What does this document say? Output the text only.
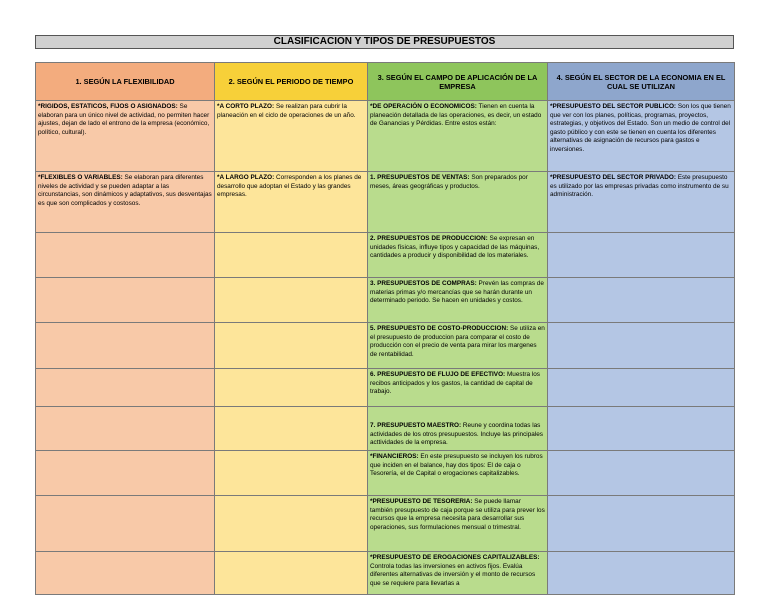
CLASIFICACION Y TIPOS DE PRESUPUESTOS
1. SEGÚN LA FLEXIBILIDAD	2. SEGÚN EL PERIODO DE TIEMPO	3. SEGÚN EL CAMPO DE APLICACIÓN DE LA EMPRESA	4. SEGÚN EL SECTOR DE LA ECONOMIA EN EL CUAL SE UTILIZAN
*RIGIDOS, ESTATICOS, FIJOS O ASIGNADOS: Se elaboran para un único nivel de actividad, no permiten hacer ajustes, dejan de lado el entrono de la empresa (económico, político, cultural).	*A CORTO PLAZO: Se realizan para cubrir la planeación en el ciclo de operaciones de un año.	*DE OPERACIÓN O ECONOMICOS: Tienen en cuenta la planeación detallada de las operaciones, es decir, un estado de Ganancias y Pérdidas. Entre estos están:	*PRESUPUESTO DEL SECTOR PUBLICO: Son los que tienen que ver con los planes, políticas, programas, proyectos, estrategias, y objetivos del Estado. Son un medio de control del gasto público y con este se tienen en cuenta los diferentes alternativas de asignación de recursos para gastos e inversiones.
*FLEXIBLES O VARIABLES: Se elaboran para diferentes niveles de actividad y se pueden adaptar a las circunstancias, son dinámicos y adaptativos, sus desventajas es que son complicados y costosos.	*A LARGO PLAZO: Corresponden a los planes de desarrollo que adoptan el Estado y las grandes empresas.	1. PRESUPUESTOS DE VENTAS: Son preparados por meses, áreas geográficas y productos.	*PRESUPUESTO DEL SECTOR PRIVADO: Este presupuesto es utilizado por las empresas privadas como instrumento de su administración.
		2. PRESUPUESTOS DE PRODUCCION: Se expresan en unidades físicas, influye tipos y capacidad de las máquinas, cantidades a producir y disponibilidad de los materiales.	
		3. PRESUPUESTOS DE COMPRAS: Prevén las compras de materias primas y/o mercancías que se harán durante un determinado periodo. Se hacen en unidades y costos.	
		5. PRESUPUESTO DE COSTO-PRODUCCION: Se utiliza en el presupuesto de produccion para comparar el costo de producción con el precio de venta para mirar los margenes de rentabilidad.	
		6. PRESUPUESTO DE FLUJO DE EFECTIVO: Muestra los recibos anticipados y los gastos, la cantidad de capital de trabajo.	
		7. PRESUPUESTO MAESTRO: Reune y coordina todas las actividades de los otros presupuestos. Incluye las principales acttividades de la empresa.	
		*FINANCIEROS: En este presupuesto se incluyen los rubros que inciden en el balance, hay dos tipos: El de caja o Tesorería, el de Capital o erogaciones capitalizables.	
		*PRESUPUESTO DE TESORERIA: Se puede llamar también presupuesto de caja porque se utiliza para prever los recursos que la empresa necesita para desarrollar sus operaciones, sus formulaciones mensual o trimestral.	
		*PRESUPUESTO DE EROGACIONES CAPITALIZABLES: Controla todas las inversiones en activos fijos. Evalúa diferentes alternativas de inversión y el monto de recursos que se requiere para llevarlas a	
